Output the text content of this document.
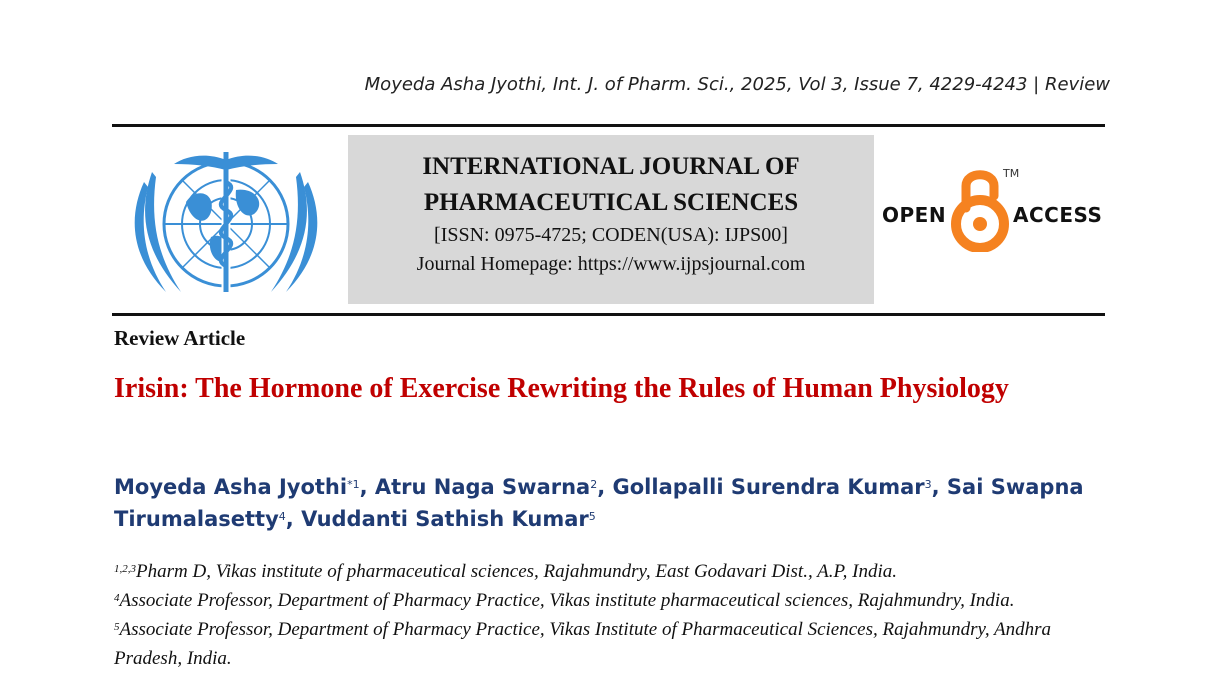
Moyeda Asha Jyothi, Int. J. of Pharm. Sci., 2025, Vol 3, Issue 7, 4229-4243 | Review
INTERNATIONAL JOURNAL OF
PHARMACEUTICAL SCIENCES
[ISSN: 0975-4725; CODEN(USA): IJPS00]
Journal Homepage: https://www.ijpsjournal.com
OPEN	ACCESS
TM
Review Article
Irisin: The Hormone of Exercise Rewriting the Rules of Human Physiology
Moyeda Asha Jyothi$^{*1}$, Atru Naga Swarna$^2$, Gollapalli Surendra Kumar$^3$, Sai Swapna Tirumalasetty$^4$, Vuddanti Sathish Kumar$^5$
$^{1,2,3}$Pharm D, Vikas institute of pharmaceutical sciences, Rajahmundry, East Godavari Dist., A.P, India.
$^4$Associate Professor, Department of Pharmacy Practice, Vikas institute pharmaceutical sciences, Rajahmundry, India.
$^5$Associate Professor, Department of Pharmacy Practice, Vikas Institute of Pharmaceutical Sciences, Rajahmundry, Andhra Pradesh, India.
